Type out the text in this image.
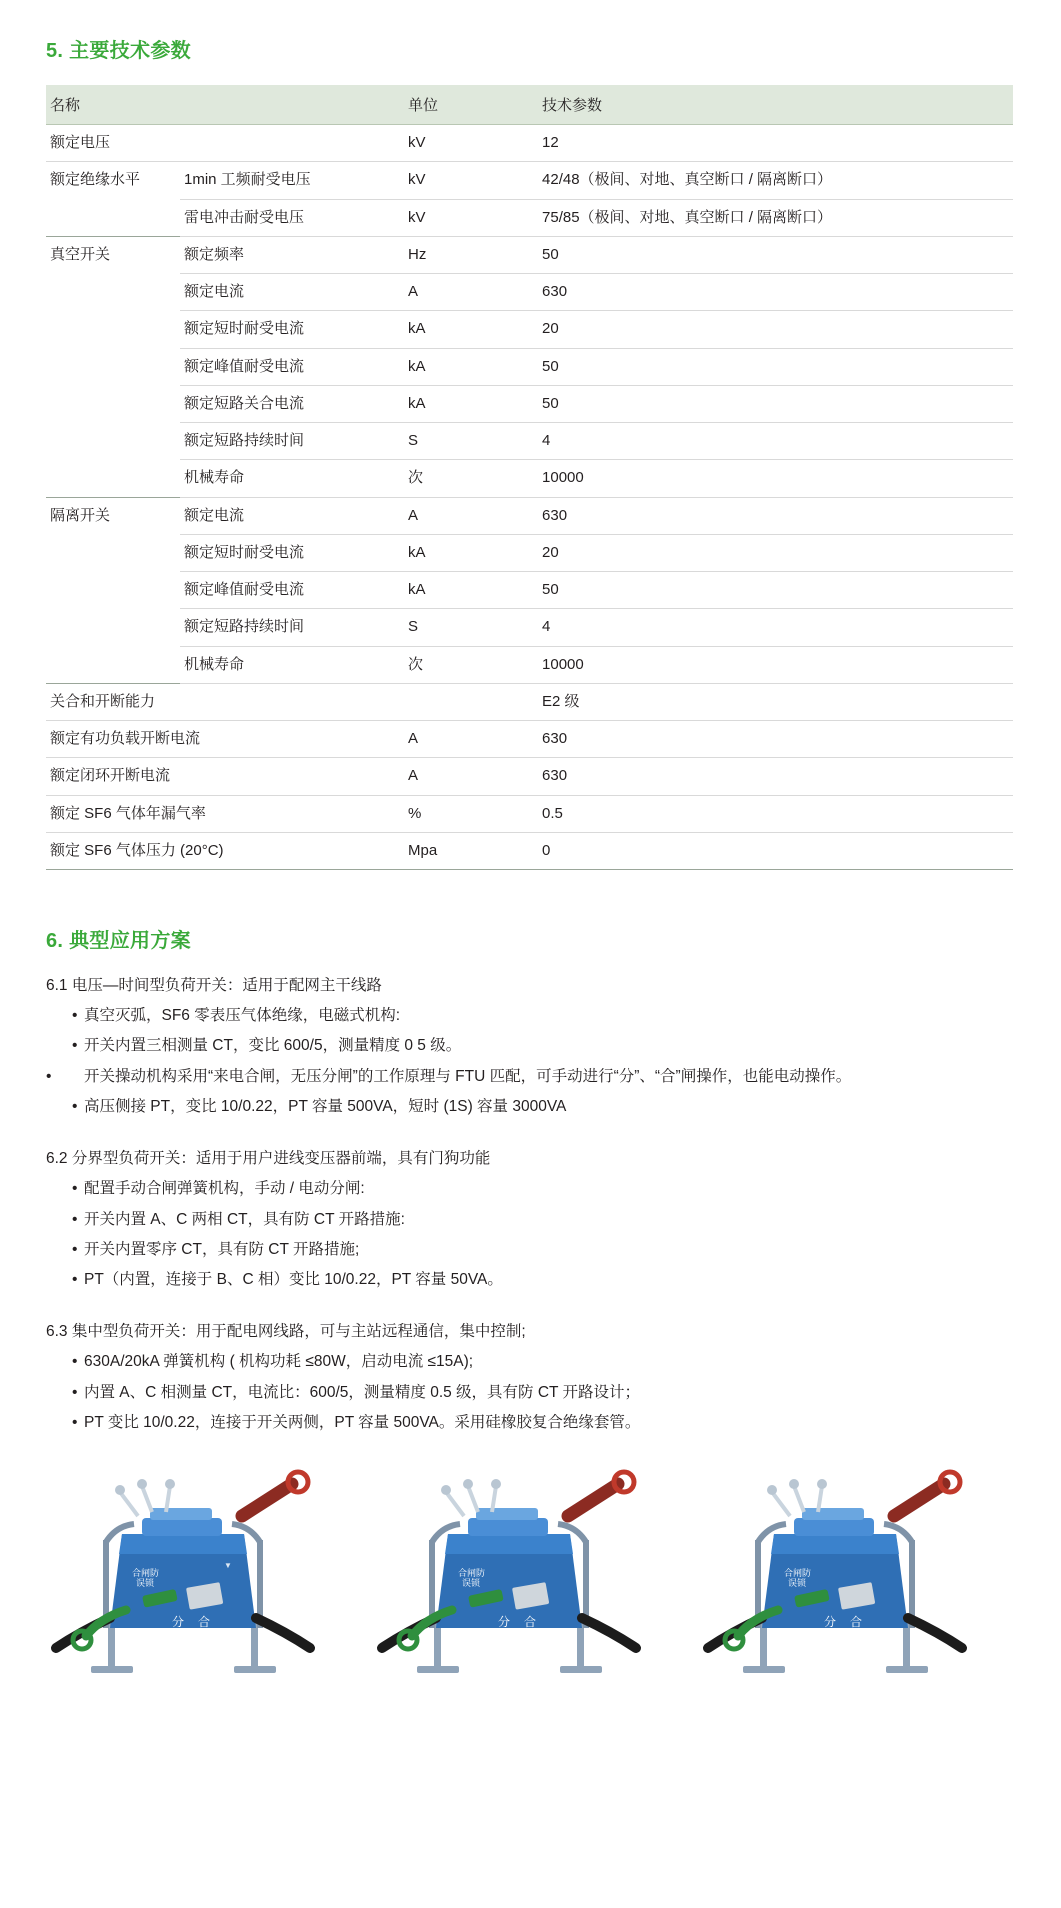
5. 主要技术参数
名称		单位	技术参数
额定电压		kV	12
额定绝缘水平	1min 工频耐受电压	kV	42/48（极间、对地、真空断口 / 隔离断口）
	雷电冲击耐受电压	kV	75/85（极间、对地、真空断口 / 隔离断口）
真空开关	额定频率	Hz	50
	额定电流	A	630
	额定短时耐受电流	kA	20
	额定峰值耐受电流	kA	50
	额定短路关合电流	kA	50
	额定短路持续时间	S	4
	机械寿命	次	10000
隔离开关	额定电流	A	630
	额定短时耐受电流	kA	20
	额定峰值耐受电流	kA	50
	额定短路持续时间	S	4
	机械寿命	次	10000
关合和开断能力			E2 级
额定有功负载开断电流		A	630
额定闭环开断电流		A	630
额定 SF6 气体年漏气率		%	0.5
额定 SF6 气体压力 (20°C)		Mpa	0
6. 典型应用方案

6.1 电压—时间型负荷开关：适用于配网主干线路

• 真空灭弧，SF6 零表压气体绝缘，电磁式机构:

• 开关内置三相测量 CT，变比 600/5，测量精度 0 5 级。

• 开关操动机构采用“来电合闸，无压分闸”的工作原理与 FTU 匹配，可手动进行“分”、“合”闸操作，也能电动操作。

• 高压侧接 PT，变比 10/0.22，PT 容量 500VA，短时 (1S) 容量 3000VA

6.2 分界型负荷开关：适用于用户进线变压器前端，具有门狗功能

• 配置手动合闸弹簧机构，手动 / 电动分闸:

• 开关内置 A、C 两相 CT，具有防 CT 开路措施:

• 开关内置零序 CT，具有防 CT 开路措施;

• PT（内置，连接于 B、C 相）变比 10/0.22，PT 容量 50VA。

6.3 集中型负荷开关：用于配电网线路，可与主站远程通信，集中控制;

• 630A/20kA 弹簧机构 ( 机构功耗 ≤80W，启动电流 ≤15A);

• 内置 A、C 相测量 CT，电流比：600/5，测量精度 0.5 级，具有防 CT 开路设计；

• PT 变比 10/0.22，连接于开关两侧，PT 容量 500VA。采用硅橡胶复合绝缘套管。

合闸防
误锁
分 合
▼
合闸防
误锁
分 合
合闸防
误锁
分 合
